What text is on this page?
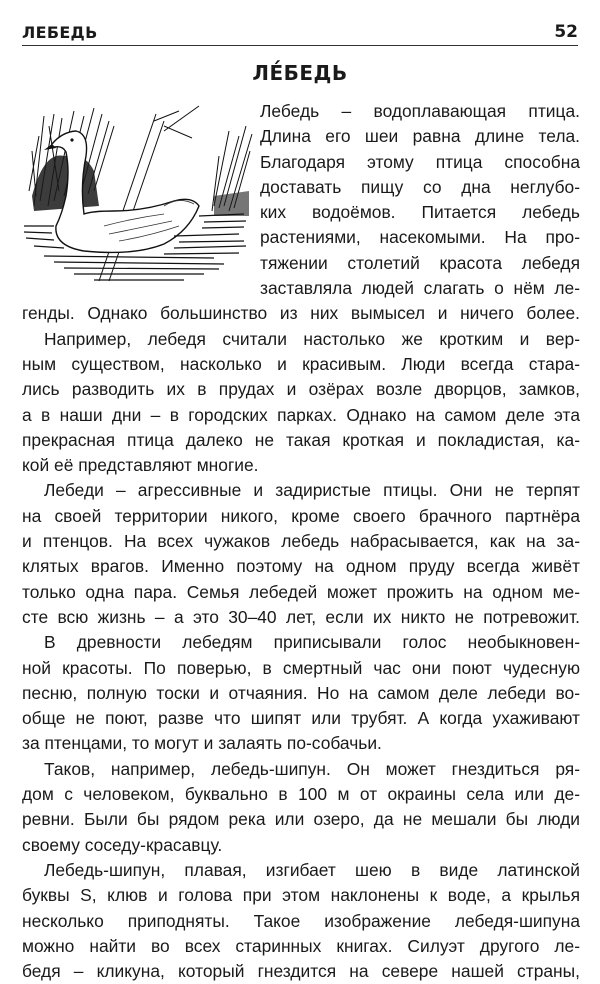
ЛЕБЕДЬ	52
ЛЕ́БЕДЬ
Лебедь – водоплавающая птица.
Длина его шеи равна длине тела.
Благодаря этому птица способна
доставать пищу со дна неглубо-
ких водоёмов. Питается лебедь
растениями, насекомыми. На про-
тяжении столетий красота лебедя
заставляла людей слагать о нём ле-
генды. Однако большинство из них вымысел и ничего более.
Например, лебедя считали настолько же кротким и вер-
ным существом, насколько и красивым. Люди всегда стара-
лись разводить их в прудах и озёрах возле дворцов, замков,
а в наши дни – в городских парках. Однако на самом деле эта
прекрасная птица далеко не такая кроткая и покладистая, ка-
кой её представляют многие.
Лебеди – агрессивные и задиристые птицы. Они не терпят
на своей территории никого, кроме своего брачного партнёра
и птенцов. На всех чужаков лебедь набрасывается, как на за-
клятых врагов. Именно поэтому на одном пруду всегда живёт
только одна пара. Семья лебедей может прожить на одном ме-
сте всю жизнь – а это 30–40 лет, если их никто не потревожит.
В древности лебедям приписывали голос необыкновен-
ной красоты. По поверью, в смертный час они поют чудесную
песню, полную тоски и отчаяния. Но на самом деле лебеди во-
обще не поют, разве что шипят или трубят. А когда ухаживают
за птенцами, то могут и залаять по-собачьи.
Таков, например, лебедь-шипун. Он может гнездиться ря-
дом с человеком, буквально в 100 м от окраины села или де-
ревни. Были бы рядом река или озеро, да не мешали бы люди
своему соседу-красавцу.
Лебедь-шипун, плавая, изгибает шею в виде латинской
буквы S, клюв и голова при этом наклонены к воде, а крылья
несколько приподняты. Такое изображение лебедя-шипуна
можно найти во всех старинных книгах. Силуэт другого ле-
бедя – кликуна, который гнездится на севере нашей страны,
